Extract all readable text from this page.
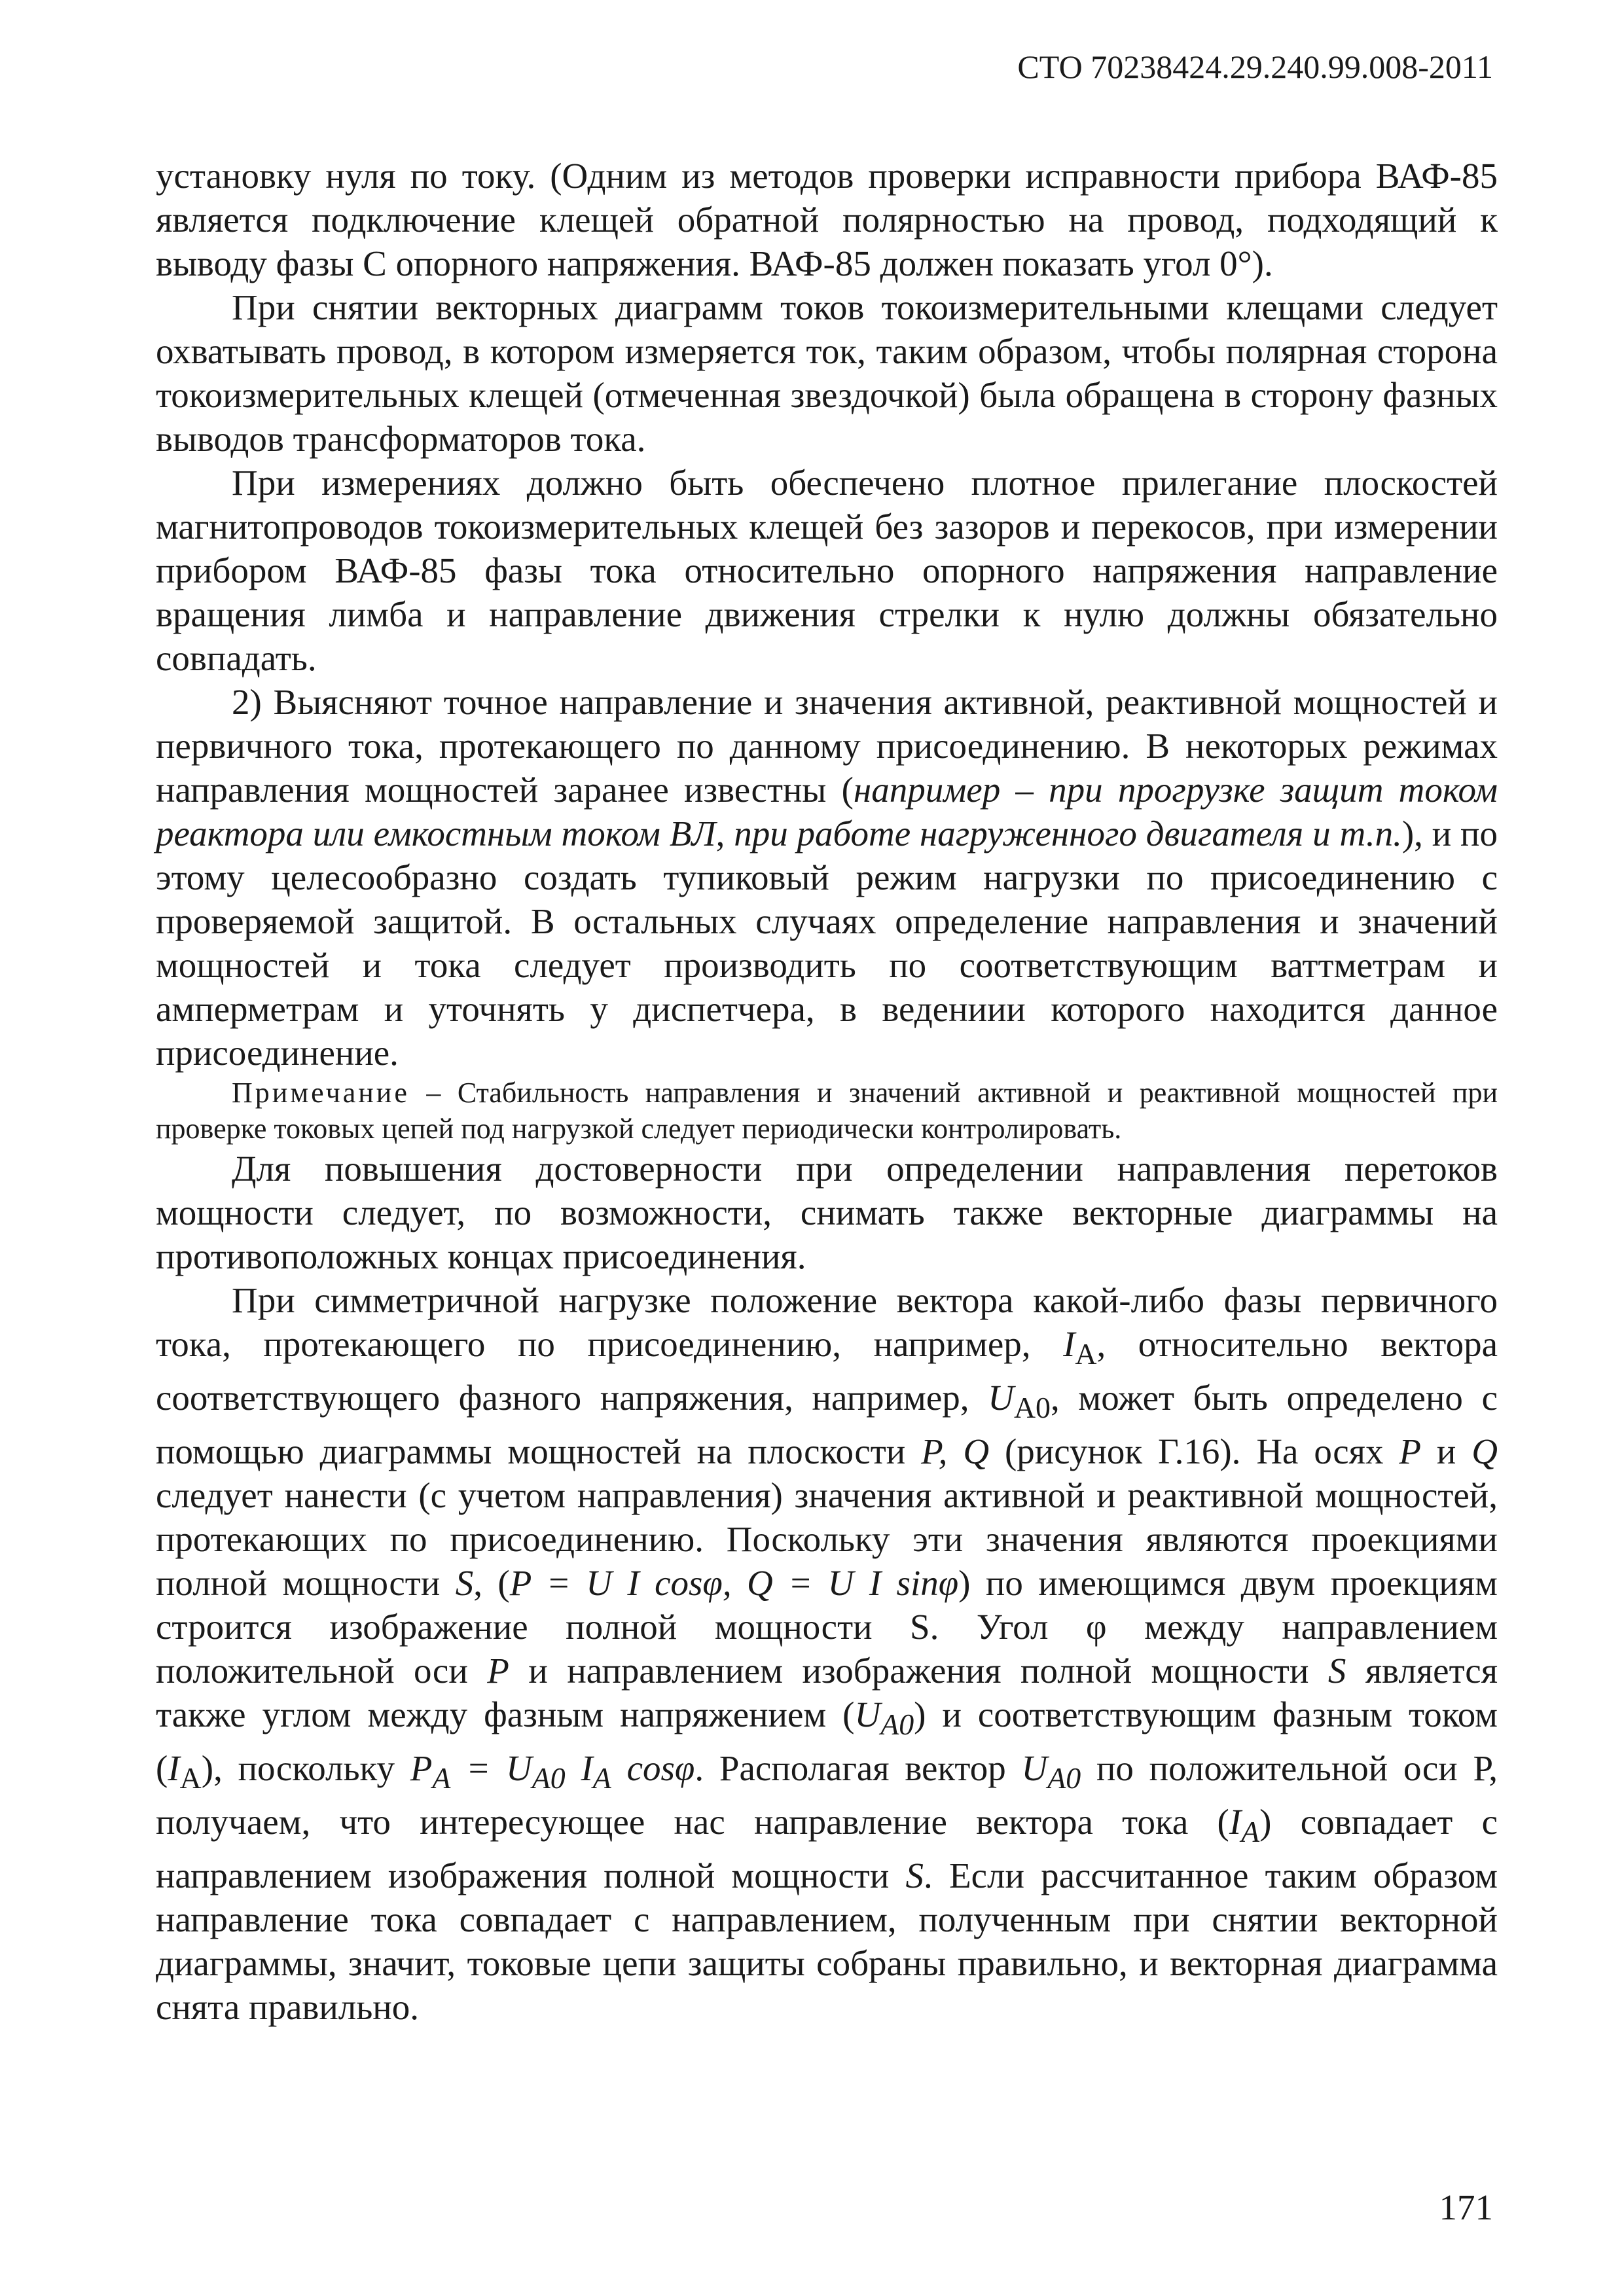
СТО 70238424.29.240.99.008-2011

установку нуля по току. (Одним из методов проверки исправности прибора ВАФ-85 является подключение клещей обратной полярностью на провод, подходящий к выводу фазы С опорного напряжения. ВАФ-85 должен показать угол 0°).

При снятии векторных диаграмм токов токоизмерительными клещами следует охватывать провод, в котором измеряется ток, таким образом, чтобы полярная сторона токоизмерительных клещей (отмеченная звездочкой) была обращена в сторону фазных выводов трансформаторов тока.

При измерениях должно быть обеспечено плотное прилегание плоскостей магнитопроводов токоизмерительных клещей без зазоров и перекосов, при измерении прибором ВАФ-85 фазы тока относительно опорного напряжения направление вращения лимба и направление движения стрелки к нулю должны обязательно совпадать.

2) Выясняют точное направление и значения активной, реактивной мощностей и первичного тока, протекающего по данному присоединению. В некоторых режимах направления мощностей заранее известны (например – при прогрузке защит током реактора или емкостным током ВЛ, при работе нагруженного двигателя и т.п.), и по этому целесообразно создать тупиковый режим нагрузки по присоединению с проверяемой защитой. В остальных случаях определение направления и значений мощностей и тока следует производить по соответствующим ваттметрам и амперметрам и уточнять у диспетчера, в ведениии которого находится данное присоединение.

Примечание – Стабильность направления и значений активной и реактивной мощностей при проверке токовых цепей под нагрузкой следует периодически контролировать.

Для повышения достоверности при определении направления перетоков мощности следует, по возможности, снимать также векторные диаграммы на противоположных концах присоединения.

При симметричной нагрузке положение вектора какой-либо фазы первичного тока, протекающего по присоединению, например, $I_А$, относительно вектора соответствующего фазного напряжения, например, $U_{А0}$, может быть определено с помощью диаграммы мощностей на плоскости P, Q (рисунок Г.16). На осях P и Q следует нанести (с учетом направления) значения активной и реактивной мощностей, протекающих по присоединению. Поскольку эти значения являются проекциями полной мощности S, (P = U I cosφ, Q = U I sinφ) по имеющимся двум проекциям строится изображение полной мощности S. Угол φ между направлением положительной оси P и направлением изображения полной мощности S является также углом между фазным напряжением $(U_{A0})$ и соответствующим фазным током $(I_А)$, поскольку $P_A = U_{A0}$ $I_A$ cosφ. Располагая вектор $U_{A0}$ по положительной оси Р, получаем, что интересующее нас направление вектора тока $(I_A)$ совпадает с направлением изображения полной мощности S. Если рассчитанное таким образом направление тока совпадает с направлением, полученным при снятии векторной диаграммы, значит, токовые цепи защиты собраны правильно, и векторная диаграмма снята правильно.

171
